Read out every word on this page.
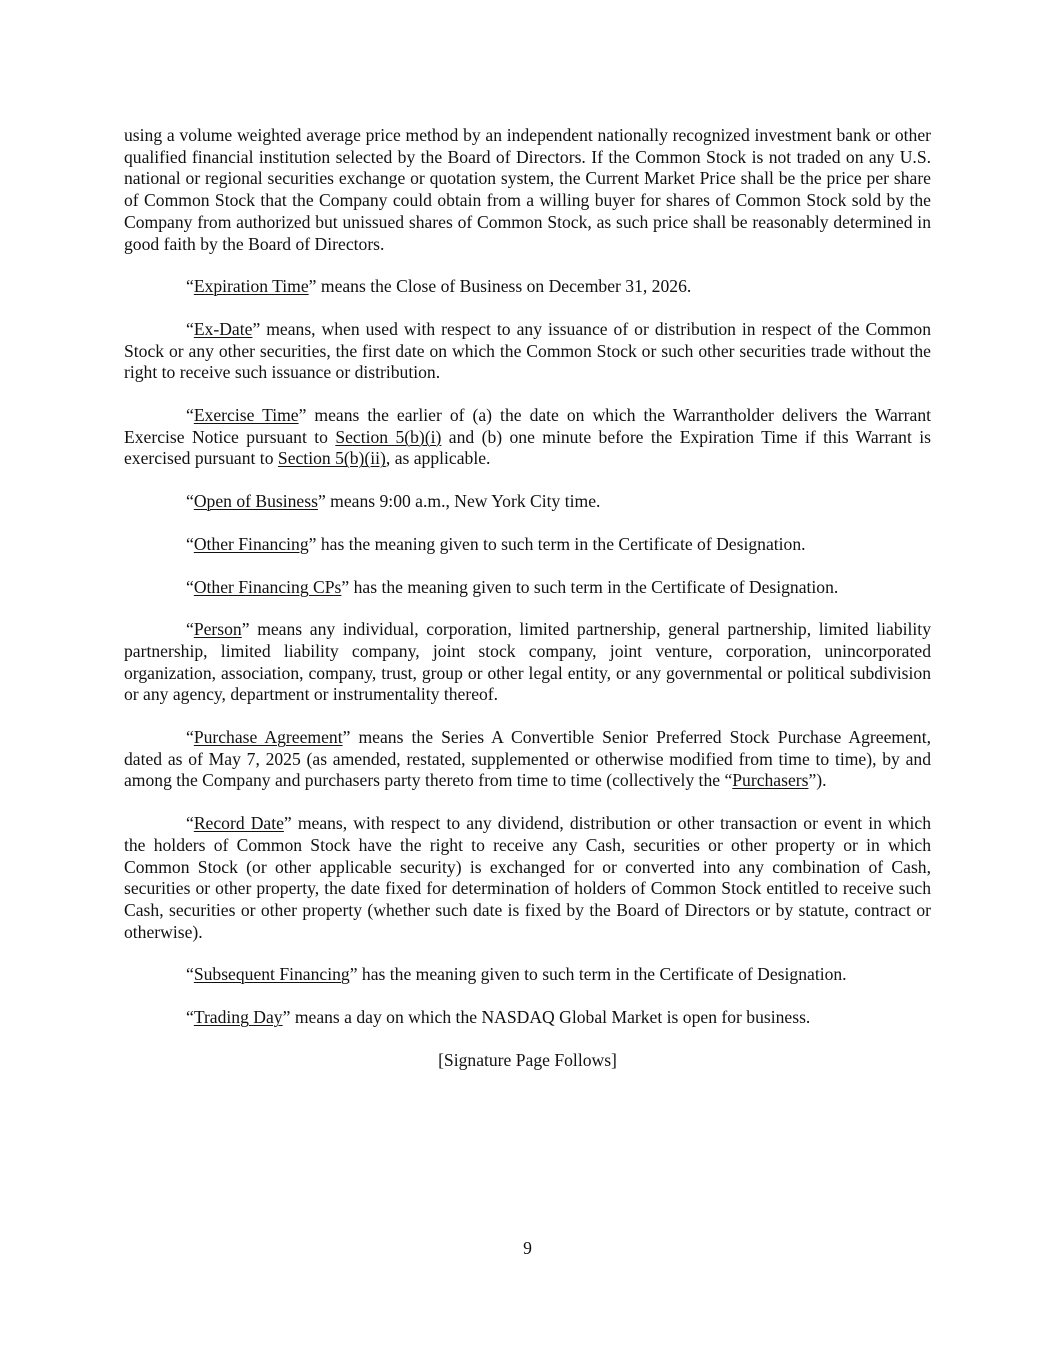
using a volume weighted average price method by an independent nationally recognized investment bank or other qualified financial institution selected by the Board of Directors. If the Common Stock is not traded on any U.S. national or regional securities exchange or quotation system, the Current Market Price shall be the price per share of Common Stock that the Company could obtain from a willing buyer for shares of Common Stock sold by the Company from authorized but unissued shares of Common Stock, as such price shall be reasonably determined in good faith by the Board of Directors.

“Expiration Time” means the Close of Business on December 31, 2026.

“Ex-Date” means, when used with respect to any issuance of or distribution in respect of the Common Stock or any other securities, the first date on which the Common Stock or such other securities trade without the right to receive such issuance or distribution.

“Exercise Time” means the earlier of (a) the date on which the Warrantholder delivers the Warrant Exercise Notice pursuant to Section 5(b)(i) and (b) one minute before the Expiration Time if this Warrant is exercised pursuant to Section 5(b)(ii), as applicable.

“Open of Business” means 9:00 a.m., New York City time.

“Other Financing” has the meaning given to such term in the Certificate of Designation.

“Other Financing CPs” has the meaning given to such term in the Certificate of Designation.

“Person” means any individual, corporation, limited partnership, general partnership, limited liability partnership, limited liability company, joint stock company, joint venture, corporation, unincorporated organization, association, company, trust, group or other legal entity, or any governmental or political subdivision or any agency, department or instrumentality thereof.

“Purchase Agreement” means the Series A Convertible Senior Preferred Stock Purchase Agreement, dated as of May 7, 2025 (as amended, restated, supplemented or otherwise modified from time to time), by and among the Company and purchasers party thereto from time to time (collectively the “Purchasers”).

“Record Date” means, with respect to any dividend, distribution or other transaction or event in which the holders of Common Stock have the right to receive any Cash, securities or other property or in which Common Stock (or other applicable security) is exchanged for or converted into any combination of Cash, securities or other property, the date fixed for determination of holders of Common Stock entitled to receive such Cash, securities or other property (whether such date is fixed by the Board of Directors or by statute, contract or otherwise).

“Subsequent Financing” has the meaning given to such term in the Certificate of Designation.

“Trading Day” means a day on which the NASDAQ Global Market is open for business.

[Signature Page Follows]

9
